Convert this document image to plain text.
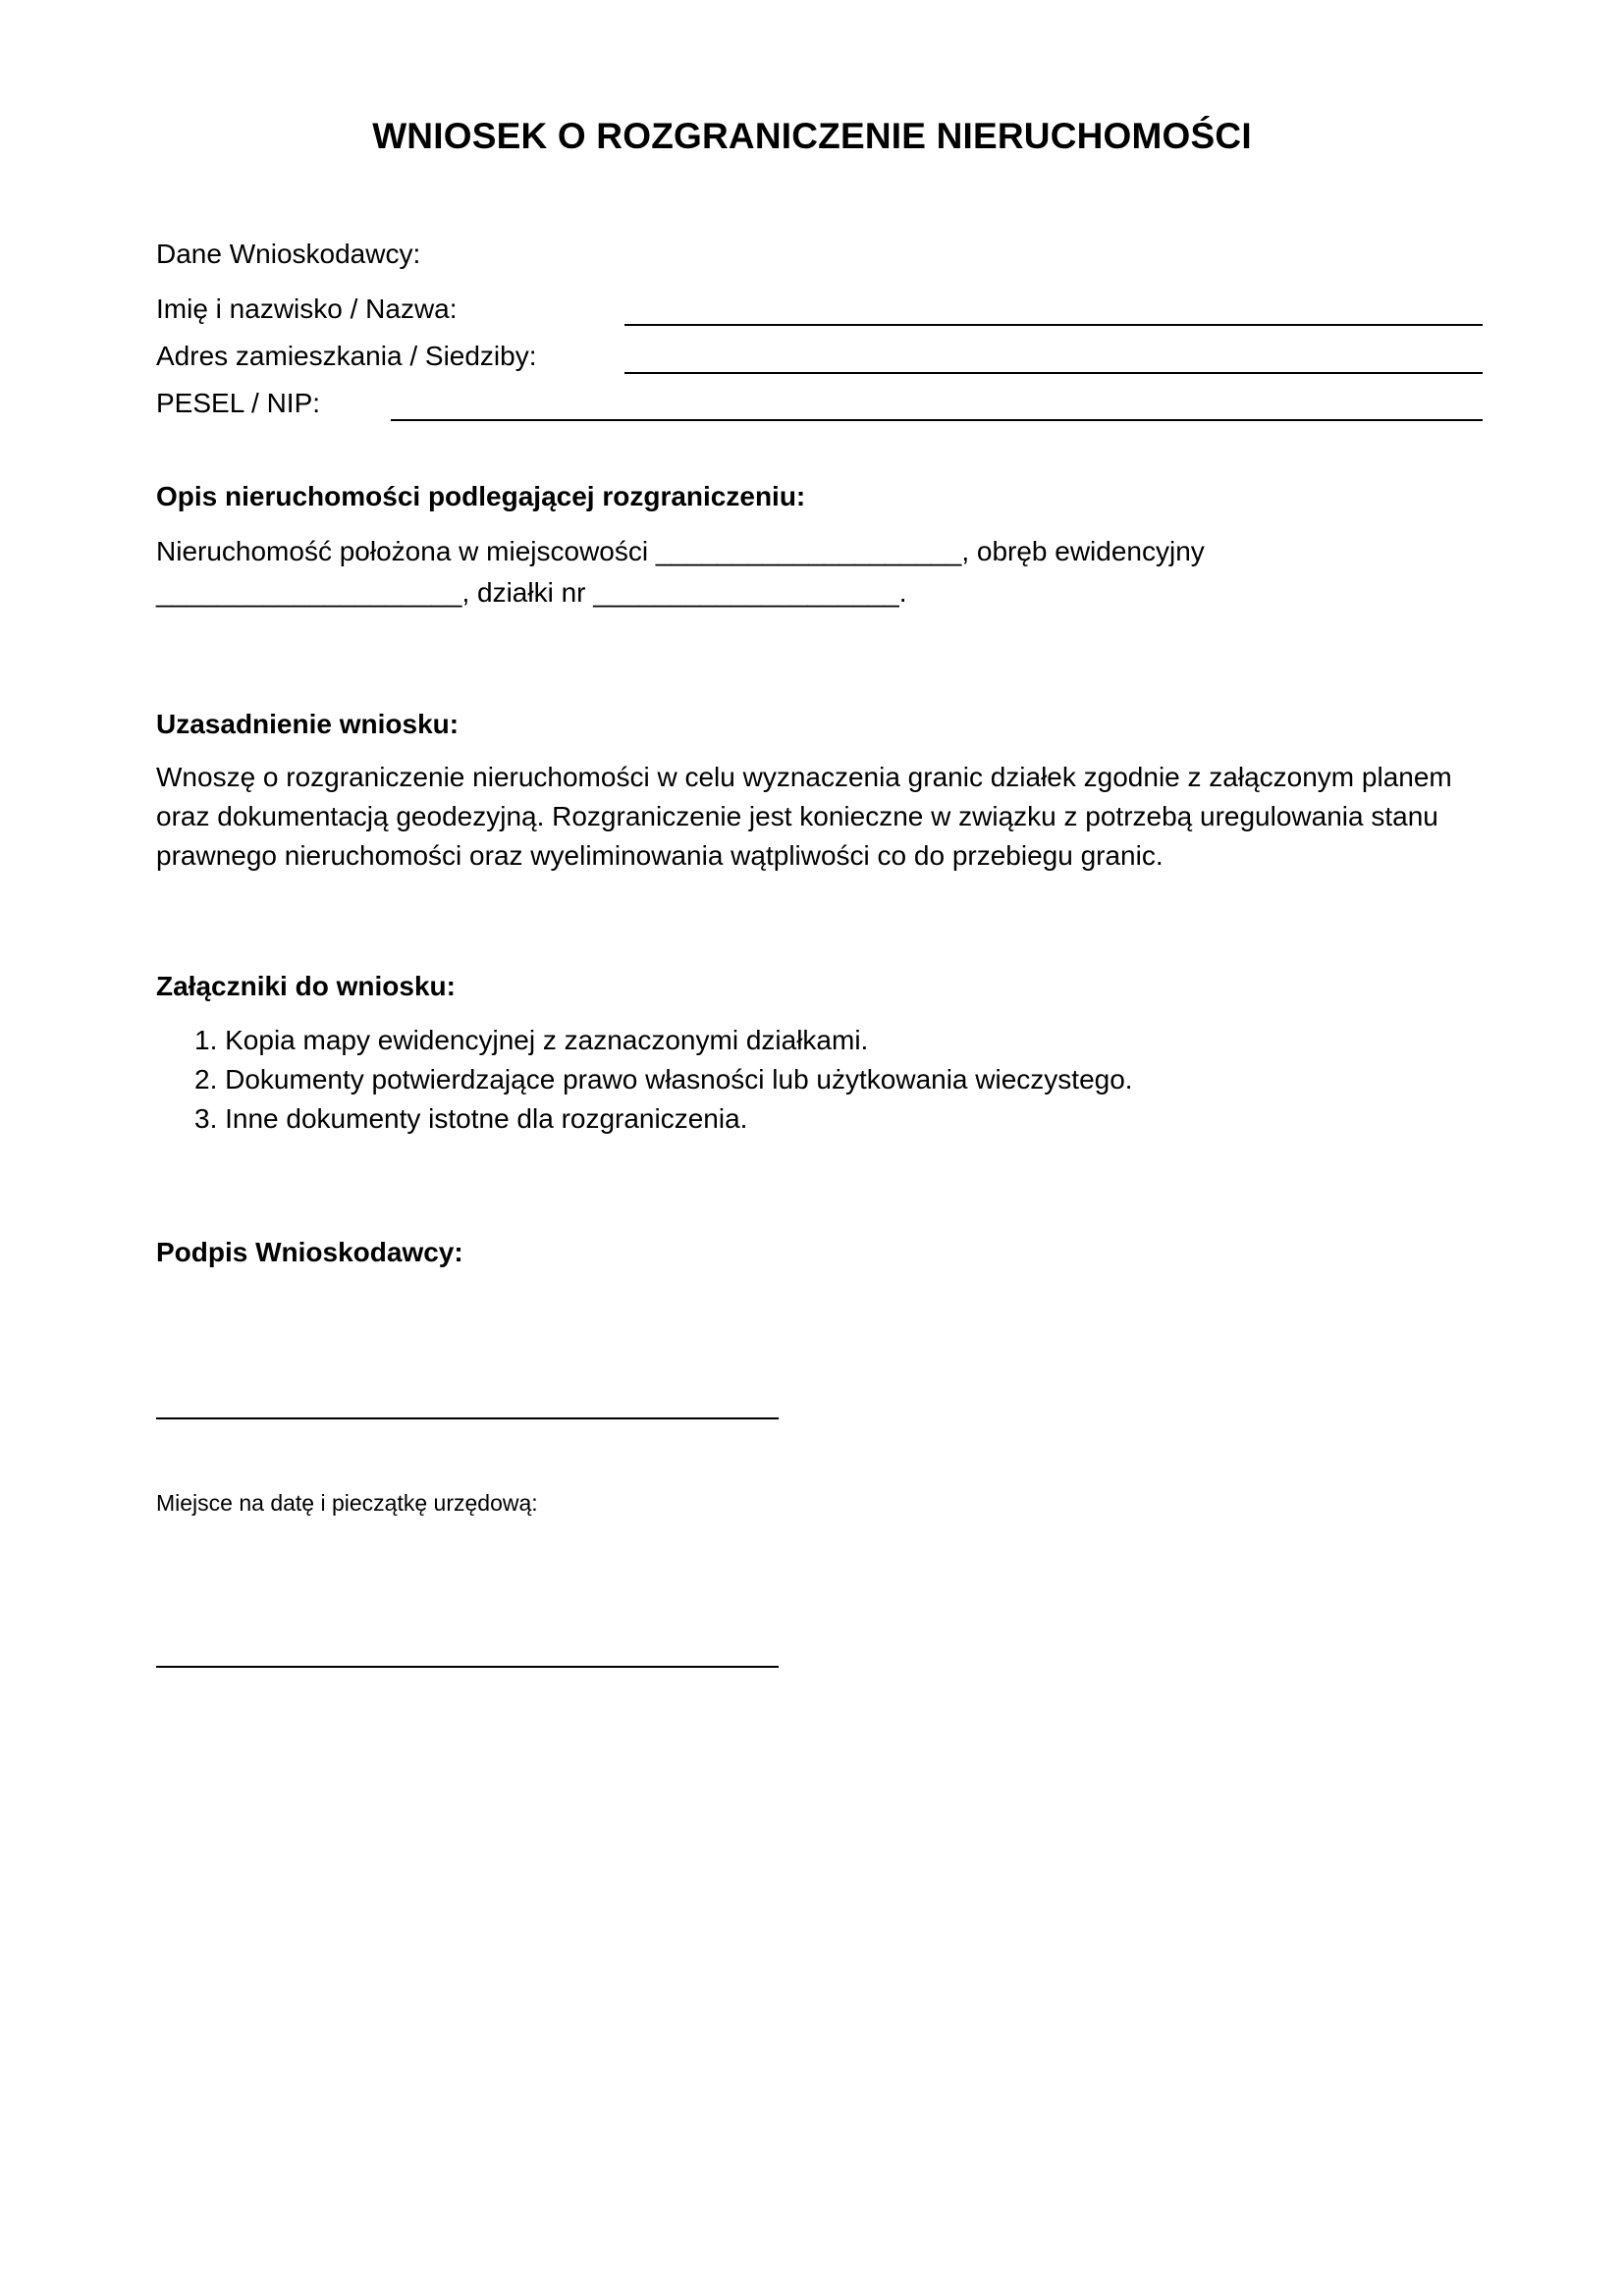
WNIOSEK O ROZGRANICZENIE NIERUCHOMOŚCI
Dane Wnioskodawcy:
Imię i nazwisko / Nazwa:
Adres zamieszkania / Siedziby:
PESEL / NIP:
Opis nieruchomości podlegającej rozgraniczeniu:
Nieruchomość położona w miejscowości ____________________, obręb ewidencyjny
____________________, działki nr ____________________.
Uzasadnienie wniosku:
Wnoszę o rozgraniczenie nieruchomości w celu wyznaczenia granic działek zgodnie z załączonym planem
oraz dokumentacją geodezyjną. Rozgraniczenie jest konieczne w związku z potrzebą uregulowania stanu
prawnego nieruchomości oraz wyeliminowania wątpliwości co do przebiegu granic.
Załączniki do wniosku:
1. Kopia mapy ewidencyjnej z zaznaczonymi działkami.
2. Dokumenty potwierdzające prawo własności lub użytkowania wieczystego.
3. Inne dokumenty istotne dla rozgraniczenia.
Podpis Wnioskodawcy:
Miejsce na datę i pieczątkę urzędową:
